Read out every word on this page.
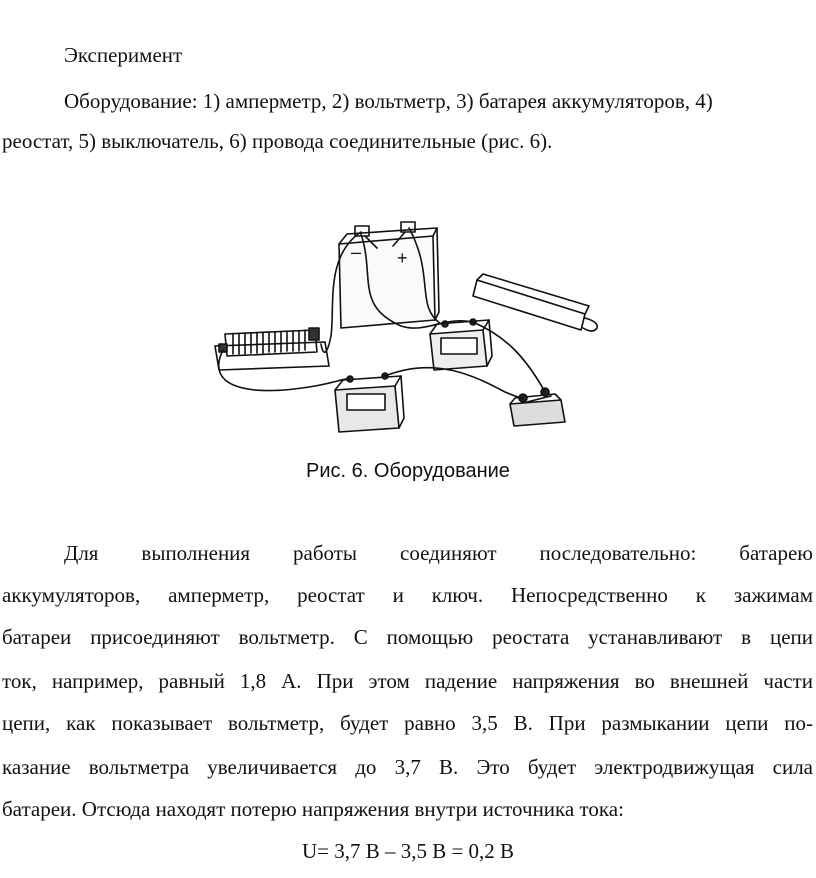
Эксперимент
Оборудование: 1) амперметр, 2) вольтметр, 3) батарея аккумуляторов, 4)
реостат, 5) выключатель, 6) провода соединительные (рис. 6).
– +
Рис. 6. Оборудование
Для выполнения работы соединяют последовательно: батарею
аккумуляторов, амперметр, реостат и ключ. Непосредственно к зажимам
батареи присоединяют вольтметр. С помощью реостата устанавливают в цепи
ток, например, равный 1,8 А. При этом падение напряжения во внешней части
цепи, как показывает вольтметр, будет равно 3,5 В. При размыкании цепи по-
казание вольтметра увеличивается до 3,7 В. Это будет электродвижущая сила
батареи. Отсюда находят потерю напряжения внутри источника тока:
U= 3,7 В – 3,5 В = 0,2 В
